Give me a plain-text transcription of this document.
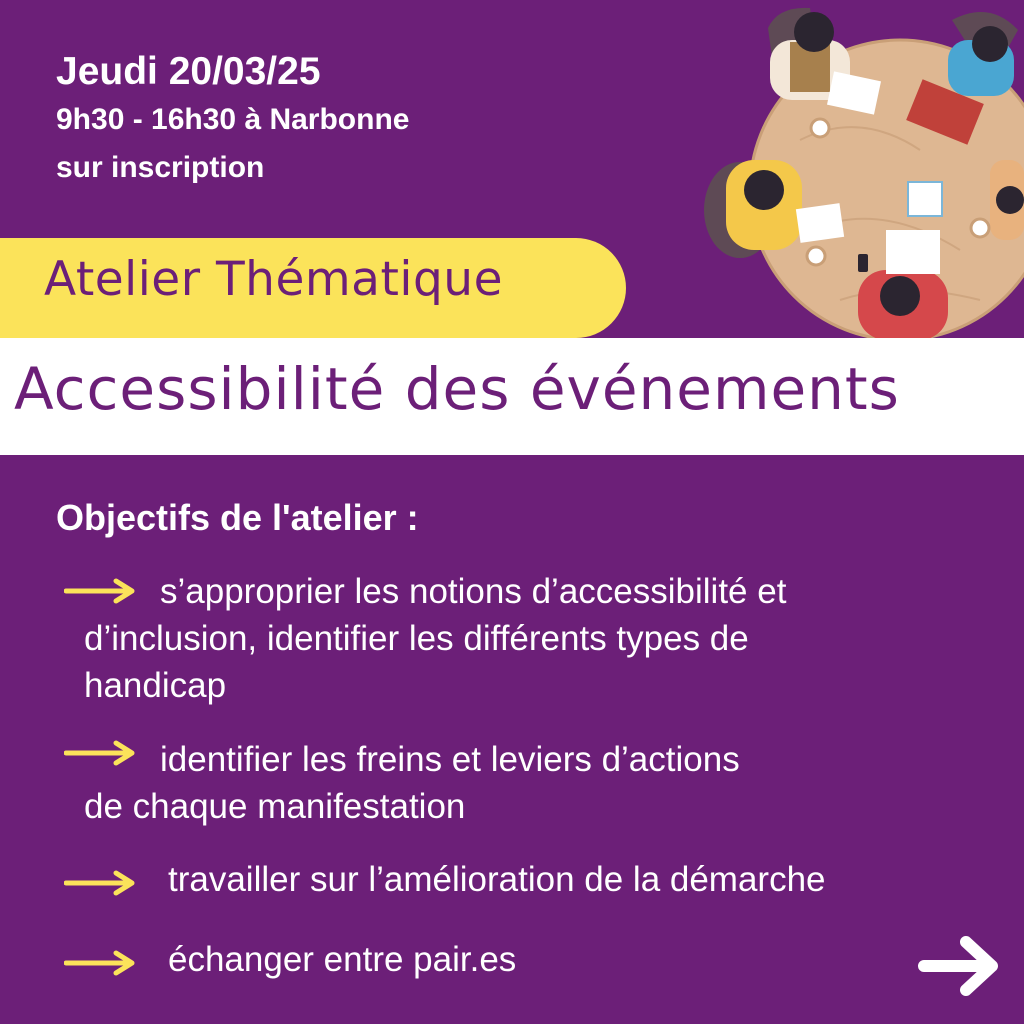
Jeudi 20/03/25
9h30 - 16h30 à Narbonne
sur inscription
Atelier Thématique
Accessibilité des événements
Objectifs de l'atelier :
s’approprier les notions d’accessibilité et
d’inclusion, identifier les différents types de
handicap
identifier les freins et leviers d’actions
de chaque manifestation
travailler sur l’amélioration de la démarche
échanger entre pair.es
